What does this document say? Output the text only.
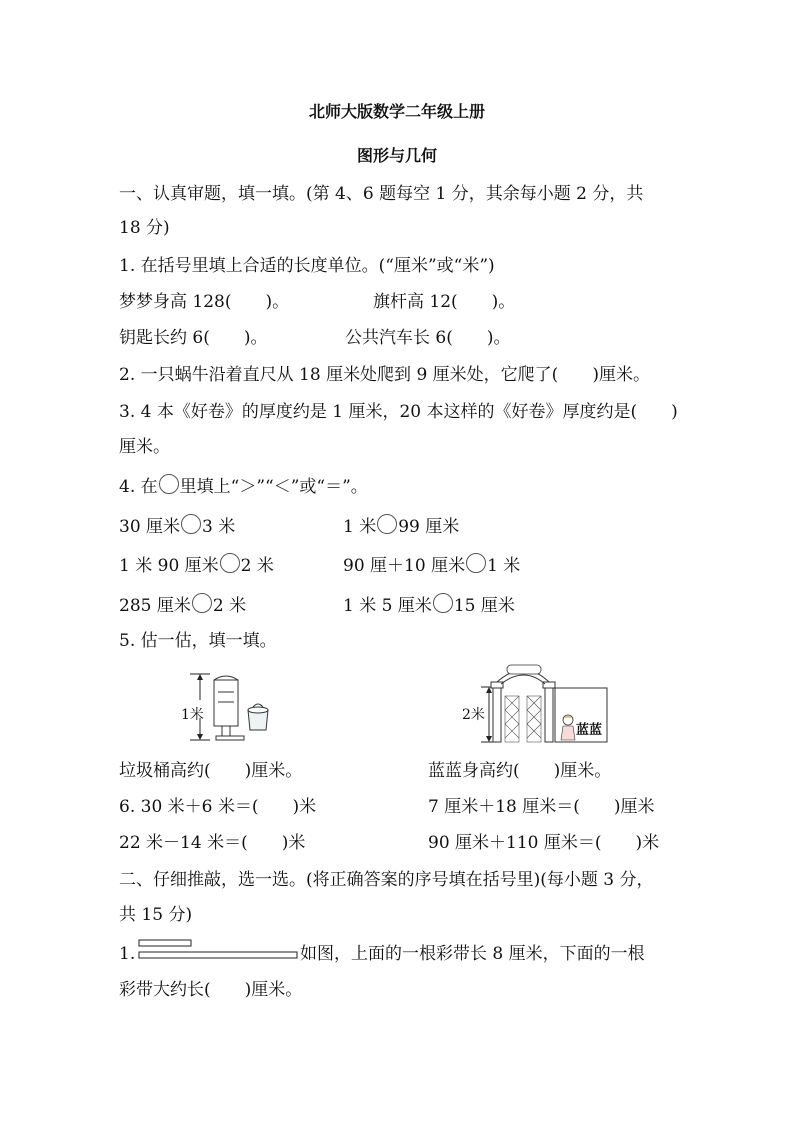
北师大版数学二年级上册
图形与几何
一、认真审题，填一填。(第 4、6 题每空 1 分，其余每小题 2 分，共
18 分)
1. 在括号里填上合适的长度单位。(“厘米”或“米”)
梦梦身高 128(　　)。	旗杆高 12(　　)。
钥匙长约 6(　　)。	公共汽车长 6(　　)。
2. 一只蜗牛沿着直尺从 18 厘米处爬到 9 厘米处，它爬了(　　)厘米。
3. 4 本《好卷》的厚度约是 1 厘米，20 本这样的《好卷》厚度约是(　　)
厘米。
4. 在 里填上“＞”“＜”或“＝”。
30 厘米 3 米	1 米 99 厘米
1 米 90 厘米 2 米	90 厘＋10 厘米 1 米
285 厘米 2 米	1 米 5 厘米 15 厘米
5. 估一估，填一填。
1米	2米
蓝蓝
垃圾桶高约(　　)厘米。	蓝蓝身高约(　　)厘米。
6. 30 米＋6 米＝(　　)米	7 厘米＋18 厘米＝(　　)厘米
22 米－14 米＝(　　)米	90 厘米＋110 厘米＝(　　)米
二、仔细推敲，选一选。(将正确答案的序号填在括号里)(每小题 3 分，
共 15 分)
1.	如图，上面的一根彩带长 8 厘米，下面的一根
彩带大约长(　　)厘米。
